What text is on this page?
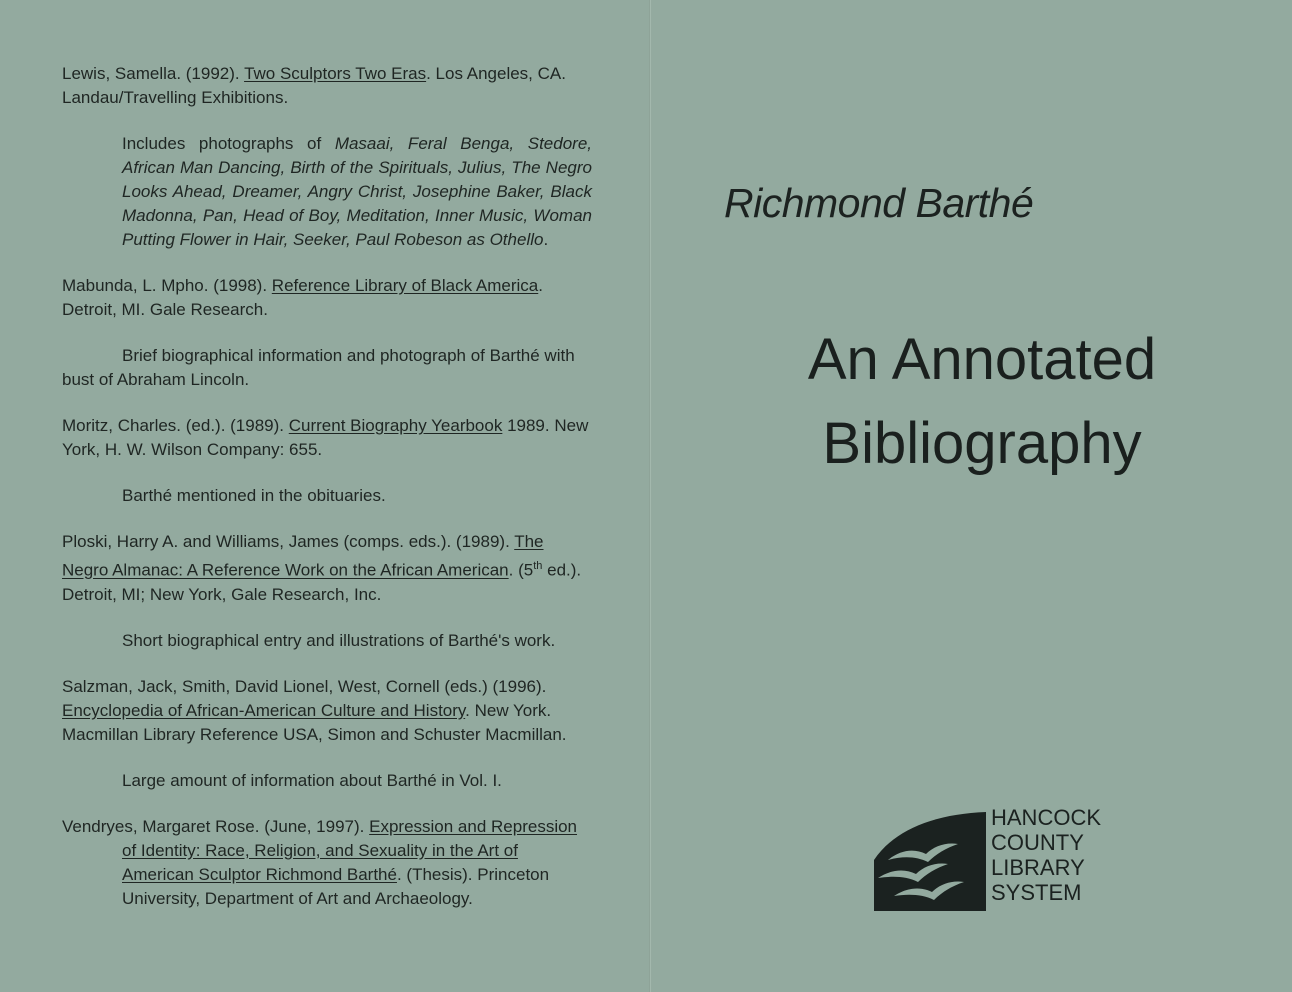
Lewis, Samella. (1992). Two Sculptors Two Eras. Los Angeles, CA. Landau/Travelling Exhibitions.

Includes photographs of Masaai, Feral Benga, Stedore, African Man Dancing, Birth of the Spirituals, Julius, The Negro Looks Ahead, Dreamer, Angry Christ, Josephine Baker, Black Madonna, Pan, Head of Boy, Meditation, Inner Music, Woman Putting Flower in Hair, Seeker, Paul Robeson as Othello.

Mabunda, L. Mpho. (1998). Reference Library of Black America. Detroit, MI. Gale Research.

Brief biographical information and photograph of Barthé with bust of Abraham Lincoln.

Moritz, Charles. (ed.). (1989). Current Biography Yearbook 1989. New York, H. W. Wilson Company: 655.

Barthé mentioned in the obituaries.

Ploski, Harry A. and Williams, James (comps. eds.). (1989). The Negro Almanac: A Reference Work on the African American. (5th ed.). Detroit, MI; New York, Gale Research, Inc.

Short biographical entry and illustrations of Barthé's work.

Salzman, Jack, Smith, David Lionel, West, Cornell (eds.) (1996). Encyclopedia of African-American Culture and History. New York. Macmillan Library Reference USA, Simon and Schuster Macmillan.

Large amount of information about Barthé in Vol. I.

Vendryes, Margaret Rose. (June, 1997). Expression and Repression of Identity: Race, Religion, and Sexuality in the Art of American Sculptor Richmond Barthé. (Thesis). Princeton University, Department of Art and Archaeology.

Richmond Barthé
An Annotated
Bibliography
HANCOCK
COUNTY
LIBRARY
SYSTEM
